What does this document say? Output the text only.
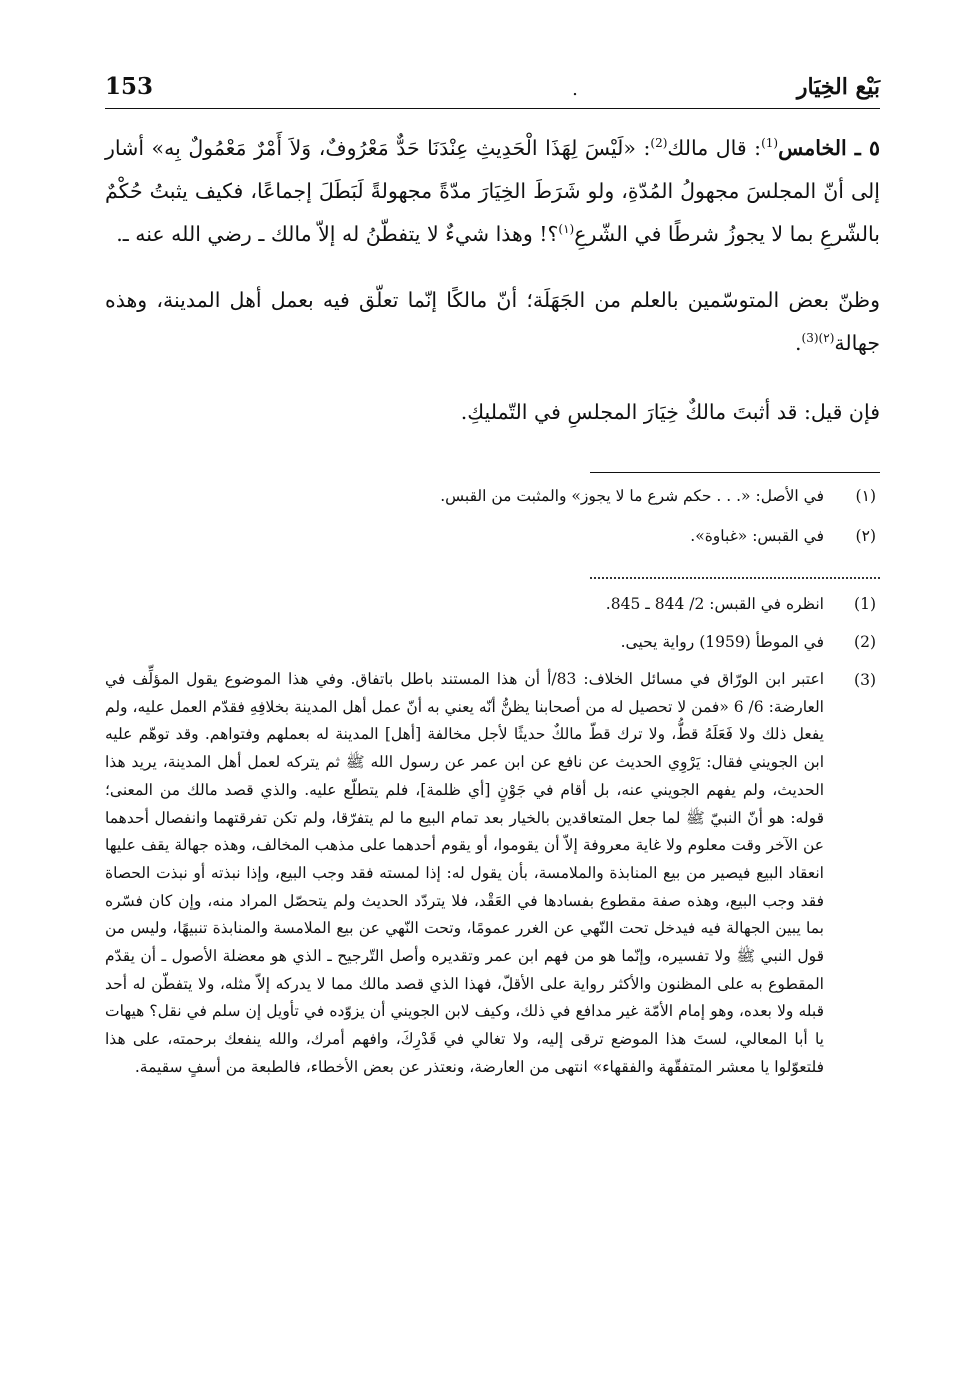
بَيْع الخِيَار
.
153

٥ ـ الخامس$^{(1)}$: قال مالك$^{(2)}$: «لَيْسَ لِهَذَا الْحَدِيثِ عِنْدَنَا حَدٌّ مَعْرُوفٌ، وَلاَ أَمْرٌ مَعْمُولٌ بِه» أشار إلى أنّ المجلسَ مجهولُ المُدّةِ، ولو شَرَطَ الخِيَارَ مدّةً مجهولةً لَبَطَلَ إجماعًا، فكيف يثبتُ حُكْمٌ بالشّرعِ بما لا يجوزُ شرطًا في الشّرعِ$^{(١)}$؟! وهذا شيءٌ لا يتفطّنُ له إلاّ مالك ـ رضي الله عنه ـ.

وظنّ بعض المتوسّمين بالعلم من الجَهَلَة؛ أنّ مالكًا إنّما تعلّق فيه بعمل أهل المدينة، وهذه جهالة$^{(٢)(3)}$.

فإن قيل: قد أثبتَ مالكٌ خِيَارَ المجلسِ في التّمليكِ.

(١)
في الأصل: «. . . حكم شرع ما لا يجوز» والمثبت من القبس.
(٢)
في القبس: «غباوة».
(1)
انظره في القبس: 2/ 844 ـ 845.
(2)
في الموطأ (1959) رواية يحيى.
(3)
اعتبر ابن الورّاق في مسائل الخلاف: 83/أ أن هذا المستند باطل باتفاق. وفي هذا الموضوع يقول المؤلِّف في العارضة: 6/ 6 «فمن لا تحصيل له من أصحابنا يظنُّ أنّه يعني به أنّ عمل أهل المدينة بخلافِهِ فقدّم العمل عليه، ولم يفعل ذلك ولا فَعَلَهُ قطُّ، ولا ترك قطّ مالكٌ حديثًا لأجل مخالفة [أهل] المدينة له بعملهم وفتواهم. وقد توهّم عليه ابن الجويني فقال: يَرْوِي الحديث عن نافع عن ابن عمر عن رسول الله ﷺ ثم يتركه لعمل أهل المدينة، يريد هذا الحديث، ولم يفهم الجويني عنه، بل أقام في جَوْنٍ [أي ظلمة]، فلم يتطلّع عليه. والذي قصد مالك من المعنى؛ قوله: هو أنّ النبيّ ﷺ لما جعل المتعاقدين بالخيار بعد تمام البيع ما لم يتفرّقا، ولم تكن تفرقتهما وانفصال أحدهما عن الآخر وقت معلوم ولا غاية معروفة إلاّ أن يقوموا، أو يقوم أحدهما على مذهب المخالف، وهذه جهالة يقف عليها انعقاد البيع فيصير من بيع المنابذة والملامسة، بأن يقول له: إذا لمسته فقد وجب البيع، وإذا نبذته أو نبذت الحصاة فقد وجب البيع، وهذه صفة مقطوع بفسادها في العَقْد، فلا يتردّد الحديث ولم يتحصّل المراد منه، وإن كان فسّره بما يبين الجهالة فيه فيدخل تحت النّهي عن الغرر عمومًا، وتحت النّهي عن بيع الملامسة والمنابذة تنبيهًا، وليس من قول النبي ﷺ ولا تفسيره، وإنّما هو من فهم ابن عمر وتقديره وأصل التّرجيح ـ الذي هو معضلة الأصول ـ أن يقدّم المقطوع به على المظنون والأكثر رواية على الأقلّ، فهذا الذي قصد مالك مما لا يدركه إلاّ مثله، ولا يتفطّن له أحد قبله ولا بعده، وهو إمام الأمّة غير مدافع في ذلك، وكيف لابن الجويني أن يزوّده في تأويل إن سلم في نقل؟ هيهات يا أبا المعالي، لستَ هذا الموضع ترقى إليه، ولا تغالي في قَدْرِكَ، وافهم أمرك، والله ينفعك برحمته، على هذا فلتعوّلوا يا معشر المتفقّهة والفقهاء» انتهى من العارضة، ونعتذر عن بعض الأخطاء، فالطبعة من أسفٍ سقيمة.
